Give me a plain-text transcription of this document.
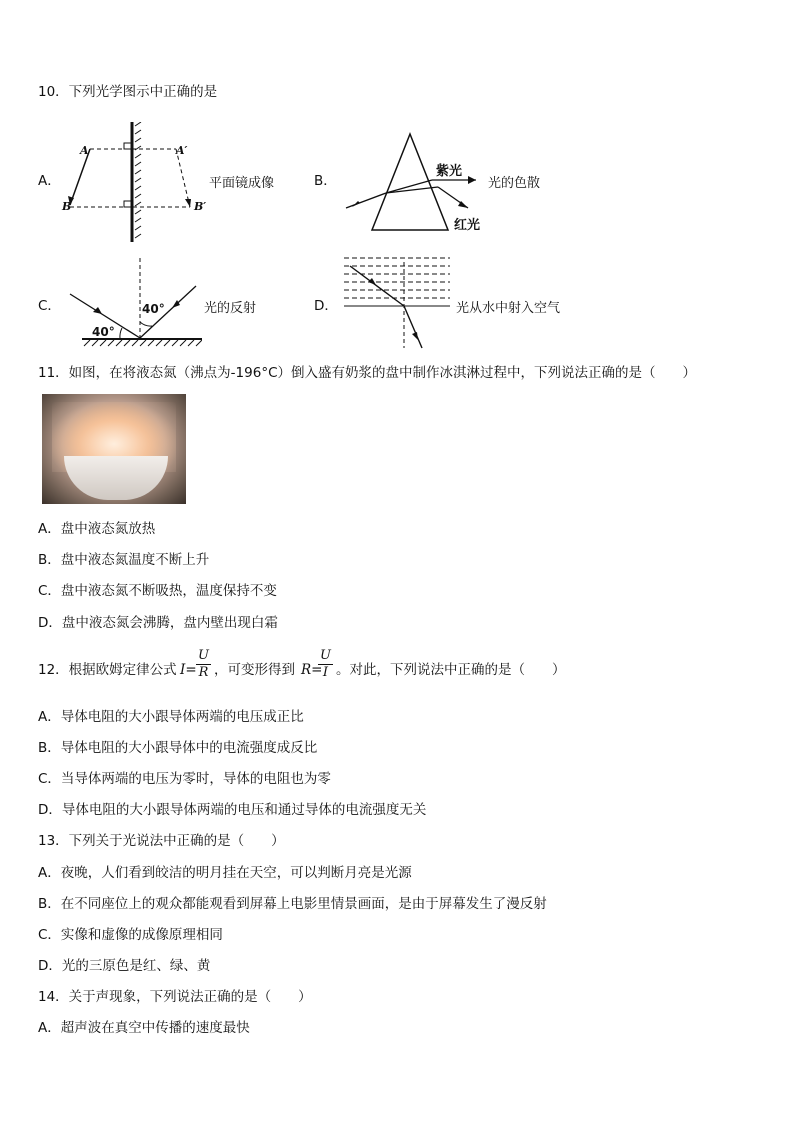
10．下列光学图示中正确的是
A．
A	A′
B	B′
平面镜成像	B．
紫光
红光
光的色散
C．	40°
40°
光的反射	D．	光从水中射入空气
11．如图，在将液态氮（沸点为-196°C）倒入盛有奶浆的盘中制作冰淇淋过程中，下列说法正确的是（　　）
A．盘中液态氮放热
B．盘中液态氮温度不断上升
C．盘中液态氮不断吸热，温度保持不变
D．盘中液态氮会沸腾，盘内壁出现白霜
12．根据欧姆定律公式 $I= \frac{U}{R}$ ，可变形得到 R=
$\frac{U}{I}$ 。对此，下列说法中正确的是（　　）
A．导体电阻的大小跟导体两端的电压成正比
B．导体电阻的大小跟导体中的电流强度成反比
C．当导体两端的电压为零时，导体的电阻也为零
D．导体电阻的大小跟导体两端的电压和通过导体的电流强度无关
13．下列关于光说法中正确的是（　　）
A．夜晚，人们看到皎洁的明月挂在天空，可以判断月亮是光源
B．在不同座位上的观众都能观看到屏幕上电影里情景画面，是由于屏幕发生了漫反射
C．实像和虚像的成像原理相同
D．光的三原色是红、绿、黄
14．关于声现象，下列说法正确的是（　　）
A．超声波在真空中传播的速度最快
